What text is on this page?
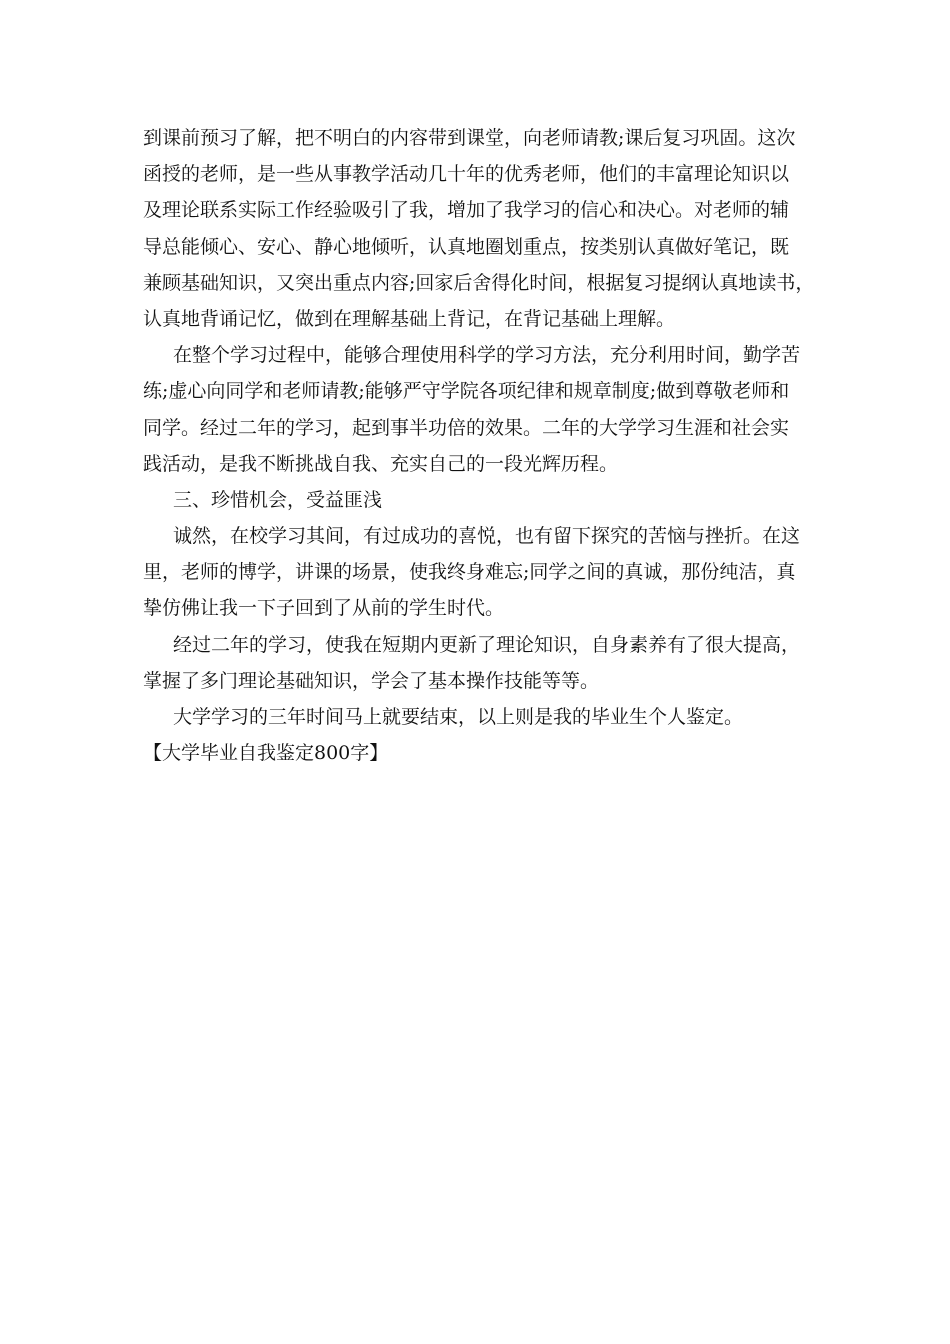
到课前预习了解，把不明白的内容带到课堂，向老师请教;课后复习巩固。这次

函授的老师，是一些从事教学活动几十年的优秀老师，他们的丰富理论知识以

及理论联系实际工作经验吸引了我，增加了我学习的信心和决心。对老师的辅

导总能倾心、安心、静心地倾听，认真地圈划重点，按类别认真做好笔记，既

兼顾基础知识，又突出重点内容;回家后舍得化时间，根据复习提纲认真地读书，

认真地背诵记忆，做到在理解基础上背记，在背记基础上理解。

在整个学习过程中，能够合理使用科学的学习方法，充分利用时间，勤学苦

练;虚心向同学和老师请教;能够严守学院各项纪律和规章制度;做到尊敬老师和

同学。经过二年的学习，起到事半功倍的效果。二年的大学学习生涯和社会实

践活动，是我不断挑战自我、充实自己的一段光辉历程。

三、珍惜机会，受益匪浅

诚然，在校学习其间，有过成功的喜悦，也有留下探究的苦恼与挫折。在这

里，老师的博学，讲课的场景，使我终身难忘;同学之间的真诚，那份纯洁，真

挚仿佛让我一下子回到了从前的学生时代。

经过二年的学习，使我在短期内更新了理论知识，自身素养有了很大提高，

掌握了多门理论基础知识，学会了基本操作技能等等。

大学学习的三年时间马上就要结束，以上则是我的毕业生个人鉴定。

【大学毕业自我鉴定800字】
